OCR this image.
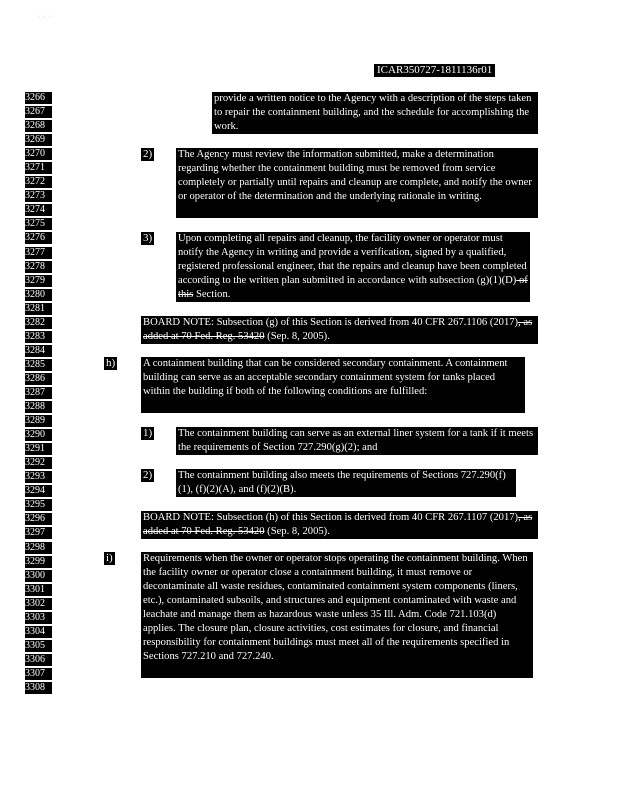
· · ·
ICAR350727-1811136r01
3266
3267
3268
3269
3270
3271
3272
3273
3274
3275
3276
3277
3278
3279
3280
3281
3282
3283
3284
3285
3286
3287
3288
3289
3290
3291
3292
3293
3294
3295
3296
3297
3298
3299
3300
3301
3302
3303
3304
3305
3306
3307
3308

provide a written notice to the Agency with a description of the steps taken to repair the containment building, and the schedule for accomplishing the work.

2) The Agency must review the information submitted, make a determination regarding whether the containment building must be removed from service completely or partially until repairs and cleanup are complete, and notify the owner or operator of the determination and the underlying rationale in writing.

3) Upon completing all repairs and cleanup, the facility owner or operator must notify the Agency in writing and provide a verification, signed by a qualified, registered professional engineer, that the repairs and cleanup have been completed according to the written plan submitted in accordance with subsection (g)(1)(D) of this Section.

BOARD NOTE: Subsection (g) of this Section is derived from 40 CFR 267.1106 (2017), as added at 70 Fed. Reg. 53420 (Sep. 8, 2005).

h)	A containment building that can be considered secondary containment. A containment building can serve as an acceptable secondary containment system for tanks placed within the building if both of the following conditions are fulfilled:

1) The containment building can serve as an external liner system for a tank if it meets the requirements of Section 727.290(g)(2); and

2) The containment building also meets the requirements of Sections 727.290(f)(1), (f)(2)(A), and (f)(2)(B).

BOARD NOTE: Subsection (h) of this Section is derived from 40 CFR 267.1107 (2017), as added at 70 Fed. Reg. 53420 (Sep. 8, 2005).

i)	Requirements when the owner or operator stops operating the containment building. When the facility owner or operator close a containment building, it must remove or decontaminate all waste residues, contaminated containment system components (liners, etc.), contaminated subsoils, and structures and equipment contaminated with waste and leachate and manage them as hazardous waste unless 35 Ill. Adm. Code 721.103(d) applies. The closure plan, closure activities, cost estimates for closure, and financial responsibility for containment buildings must meet all of the requirements specified in Sections 727.210 and 727.240.
